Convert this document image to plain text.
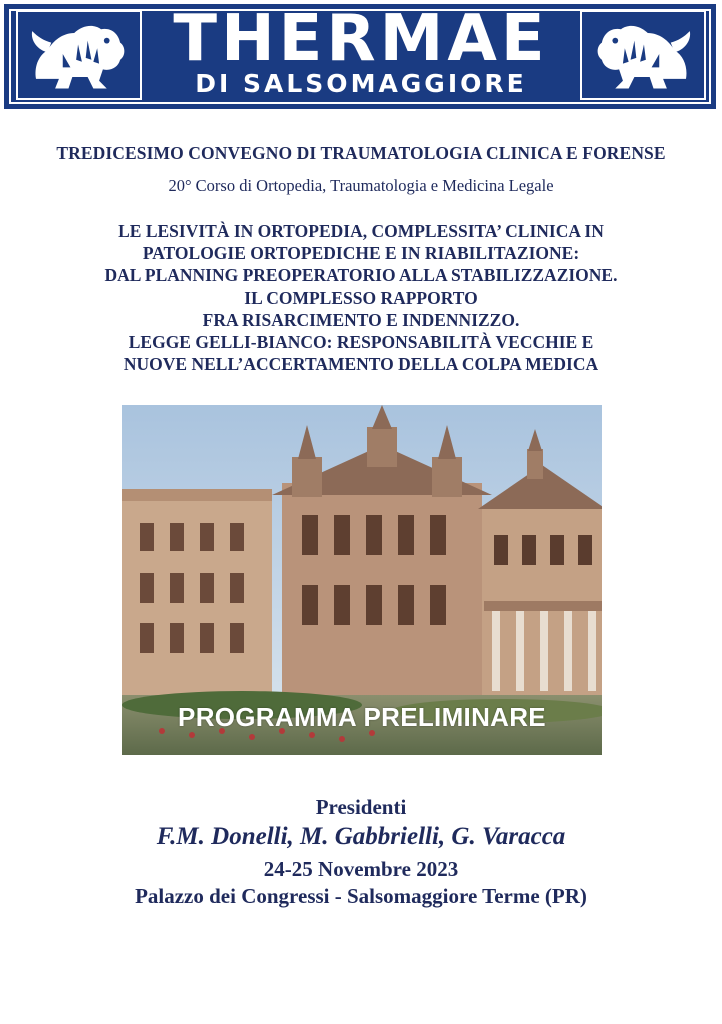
THERMAE
DI SALSOMAGGIORE
TREDICESIMO CONVEGNO DI TRAUMATOLOGIA CLINICA E FORENSE
20° Corso di Ortopedia, Traumatologia e Medicina Legale
LE LESIVITÀ IN ORTOPEDIA, COMPLESSITA’ CLINICA IN
PATOLOGIE ORTOPEDICHE E IN RIABILITAZIONE:
DAL PLANNING PREOPERATORIO ALLA STABILIZZAZIONE.
IL COMPLESSO RAPPORTO
FRA RISARCIMENTO E INDENNIZZO.
LEGGE GELLI-BIANCO: RESPONSABILITÀ VECCHIE E
NUOVE NELL’ACCERTAMENTO DELLA COLPA MEDICA
PROGRAMMA PRELIMINARE
Presidenti
F.M. Donelli, M. Gabbrielli, G. Varacca
24-25 Novembre 2023
Palazzo dei Congressi - Salsomaggiore Terme (PR)
